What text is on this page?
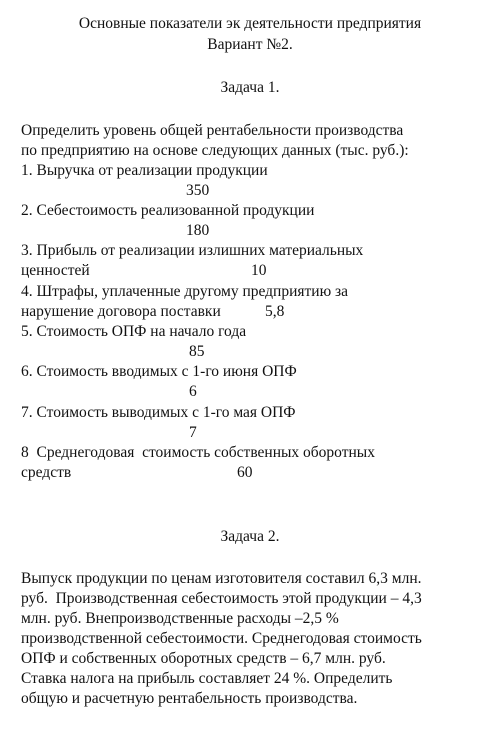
Основные показатели эк деятельности предприятия
Вариант №2.
Задача 1.
Определить уровень общей рентабельности производства
по предприятию на основе следующих данных (тыс. руб.):
1. Выручка от реализации продукции
350
2. Себестоимость реализованной продукции
180
3. Прибыль от реализации излишних материальных
ценностей	10
4. Штрафы, уплаченные другому предприятию за
нарушение договора поставки	5,8
5. Стоимость ОПФ на начало года
85
6. Стоимость вводимых с 1-го июня ОПФ
6
7. Стоимость выводимых с 1-го мая ОПФ
7
8  Среднегодовая  стоимость собственных оборотных
средств	60
Задача 2.
Выпуск продукции по ценам изготовителя составил 6,3 млн.
руб.  Производственная себестоимость этой продукции – 4,3
млн. руб. Внепроизводственные расходы –2,5 %
производственной себестоимости. Среднегодовая стоимость
ОПФ и собственных оборотных средств – 6,7 млн. руб.
Ставка налога на прибыль составляет 24 %. Определить
общую и расчетную рентабельность производства.
